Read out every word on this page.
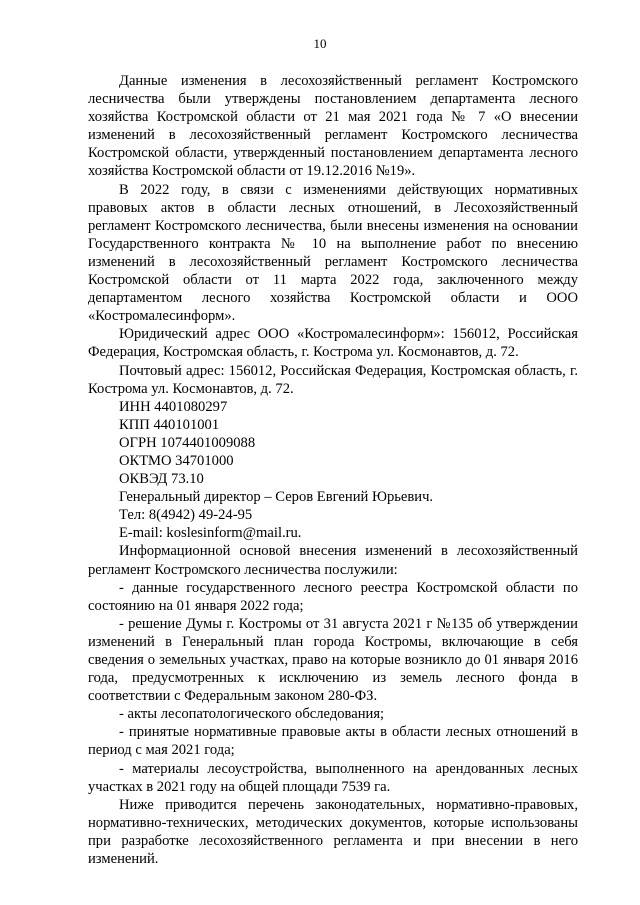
10

Данные изменения в лесохозяйственный регламент Костромского лесничества были утверждены постановлением департамента лесного хозяйства Костромской области от 21 мая 2021 года № 7 «О внесении изменений в лесохозяйственный регламент Костромского лесничества Костромской области, утвержденный постановлением департамента лесного хозяйства Костромской области от 19.12.2016 №19».

В 2022 году, в связи с изменениями действующих нормативных правовых актов в области лесных отношений, в Лесохозяйственный регламент Костромского лесничества, были внесены изменения на основании Государственного контракта № 10 на выполнение работ по внесению изменений в лесохозяйственный регламент Костромского лесничества Костромской области от 11 марта 2022 года, заключенного между департаментом лесного хозяйства Костромской области и ООО «Костромалесинформ».

Юридический адрес ООО «Костромалесинформ»: 156012, Российская Федерация, Костромская область, г. Кострома ул. Космонавтов, д. 72.

Почтовый адрес: 156012, Российская Федерация, Костромская область, г. Кострома ул. Космонавтов, д. 72.

ИНН 4401080297

КПП 440101001

ОГРН 1074401009088

ОКТМО 34701000

ОКВЭД 73.10

Генеральный директор – Серов Евгений Юрьевич.

Тел: 8(4942) 49-24-95

E-mail: koslesinform@mail.ru.

Информационной основой внесения изменений в лесохозяйственный регламент Костромского лесничества послужили:

- данные государственного лесного реестра Костромской области по состоянию на 01 января 2022 года;

- решение Думы г. Костромы от 31 августа 2021 г №135 об утверждении изменений в Генеральный план города Костромы, включающие в себя сведения о земельных участках, право на которые возникло до 01 января 2016 года, предусмотренных к исключению из земель лесного фонда в соответствии с Федеральным законом 280-ФЗ.

- акты лесопатологического обследования;

- принятые нормативные правовые акты в области лесных отношений в период с мая 2021 года;

- материалы лесоустройства, выполненного на арендованных лесных участках в 2021 году на общей площади 7539 га.

Ниже приводится перечень законодательных, нормативно-правовых, нормативно-технических, методических документов, которые использованы при разработке лесохозяйственного регламента и при внесении в него изменений.
